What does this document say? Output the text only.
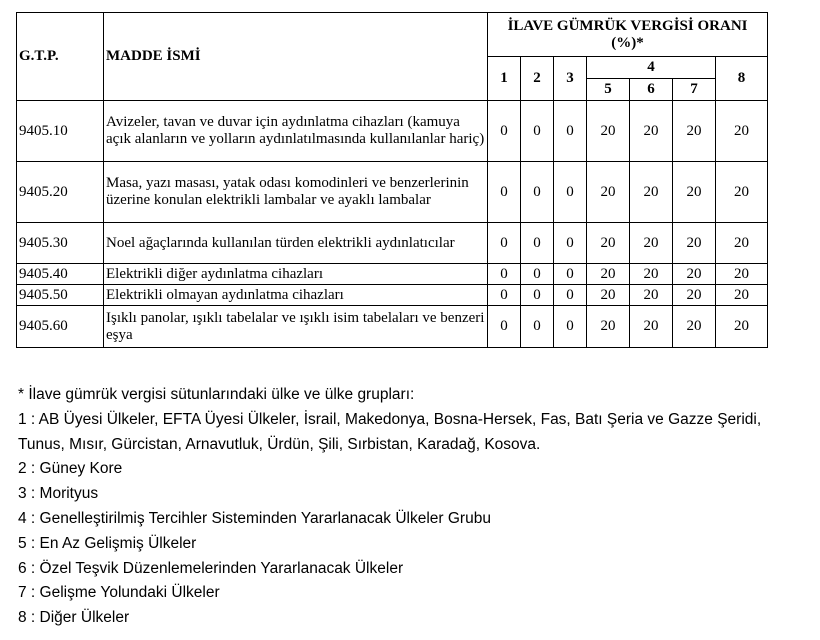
G.T.P.	MADDE İSMİ	İLAVE GÜMRÜK VERGİSİ ORANI (%)*						
		1	2	3	4			8
					5	6	7	
9405.10	Avizeler, tavan ve duvar için aydınlatma cihazları (kamuya açık alanların ve yolların aydınlatılmasında kullanılanlar hariç)	0	0	0	20	20	20	20
9405.20	Masa, yazı masası, yatak odası komodinleri ve benzerlerinin üzerine konulan elektrikli lambalar ve ayaklı lambalar	0	0	0	20	20	20	20
9405.30	Noel ağaçlarında kullanılan türden elektrikli aydınlatıcılar	0	0	0	20	20	20	20
9405.40	Elektrikli diğer aydınlatma cihazları	0	0	0	20	20	20	20
9405.50	Elektrikli olmayan aydınlatma cihazları	0	0	0	20	20	20	20
9405.60	Işıklı panolar, ışıklı tabelalar ve ışıklı isim tabelaları ve benzeri eşya	0	0	0	20	20	20	20

* İlave gümrük vergisi sütunlarındaki ülke ve ülke grupları:

1 : AB Üyesi Ülkeler, EFTA Üyesi Ülkeler, İsrail, Makedonya, Bosna-Hersek, Fas, Batı Şeria ve Gazze Şeridi, Tunus, Mısır, Gürcistan, Arnavutluk, Ürdün, Şili, Sırbistan, Karadağ, Kosova.

2 : Güney Kore

3 : Morityus

4 : Genelleştirilmiş Tercihler Sisteminden Yararlanacak Ülkeler Grubu

5 : En Az Gelişmiş Ülkeler

6 : Özel Teşvik Düzenlemelerinden Yararlanacak Ülkeler

7 : Gelişme Yolundaki Ülkeler

8 : Diğer Ülkeler
